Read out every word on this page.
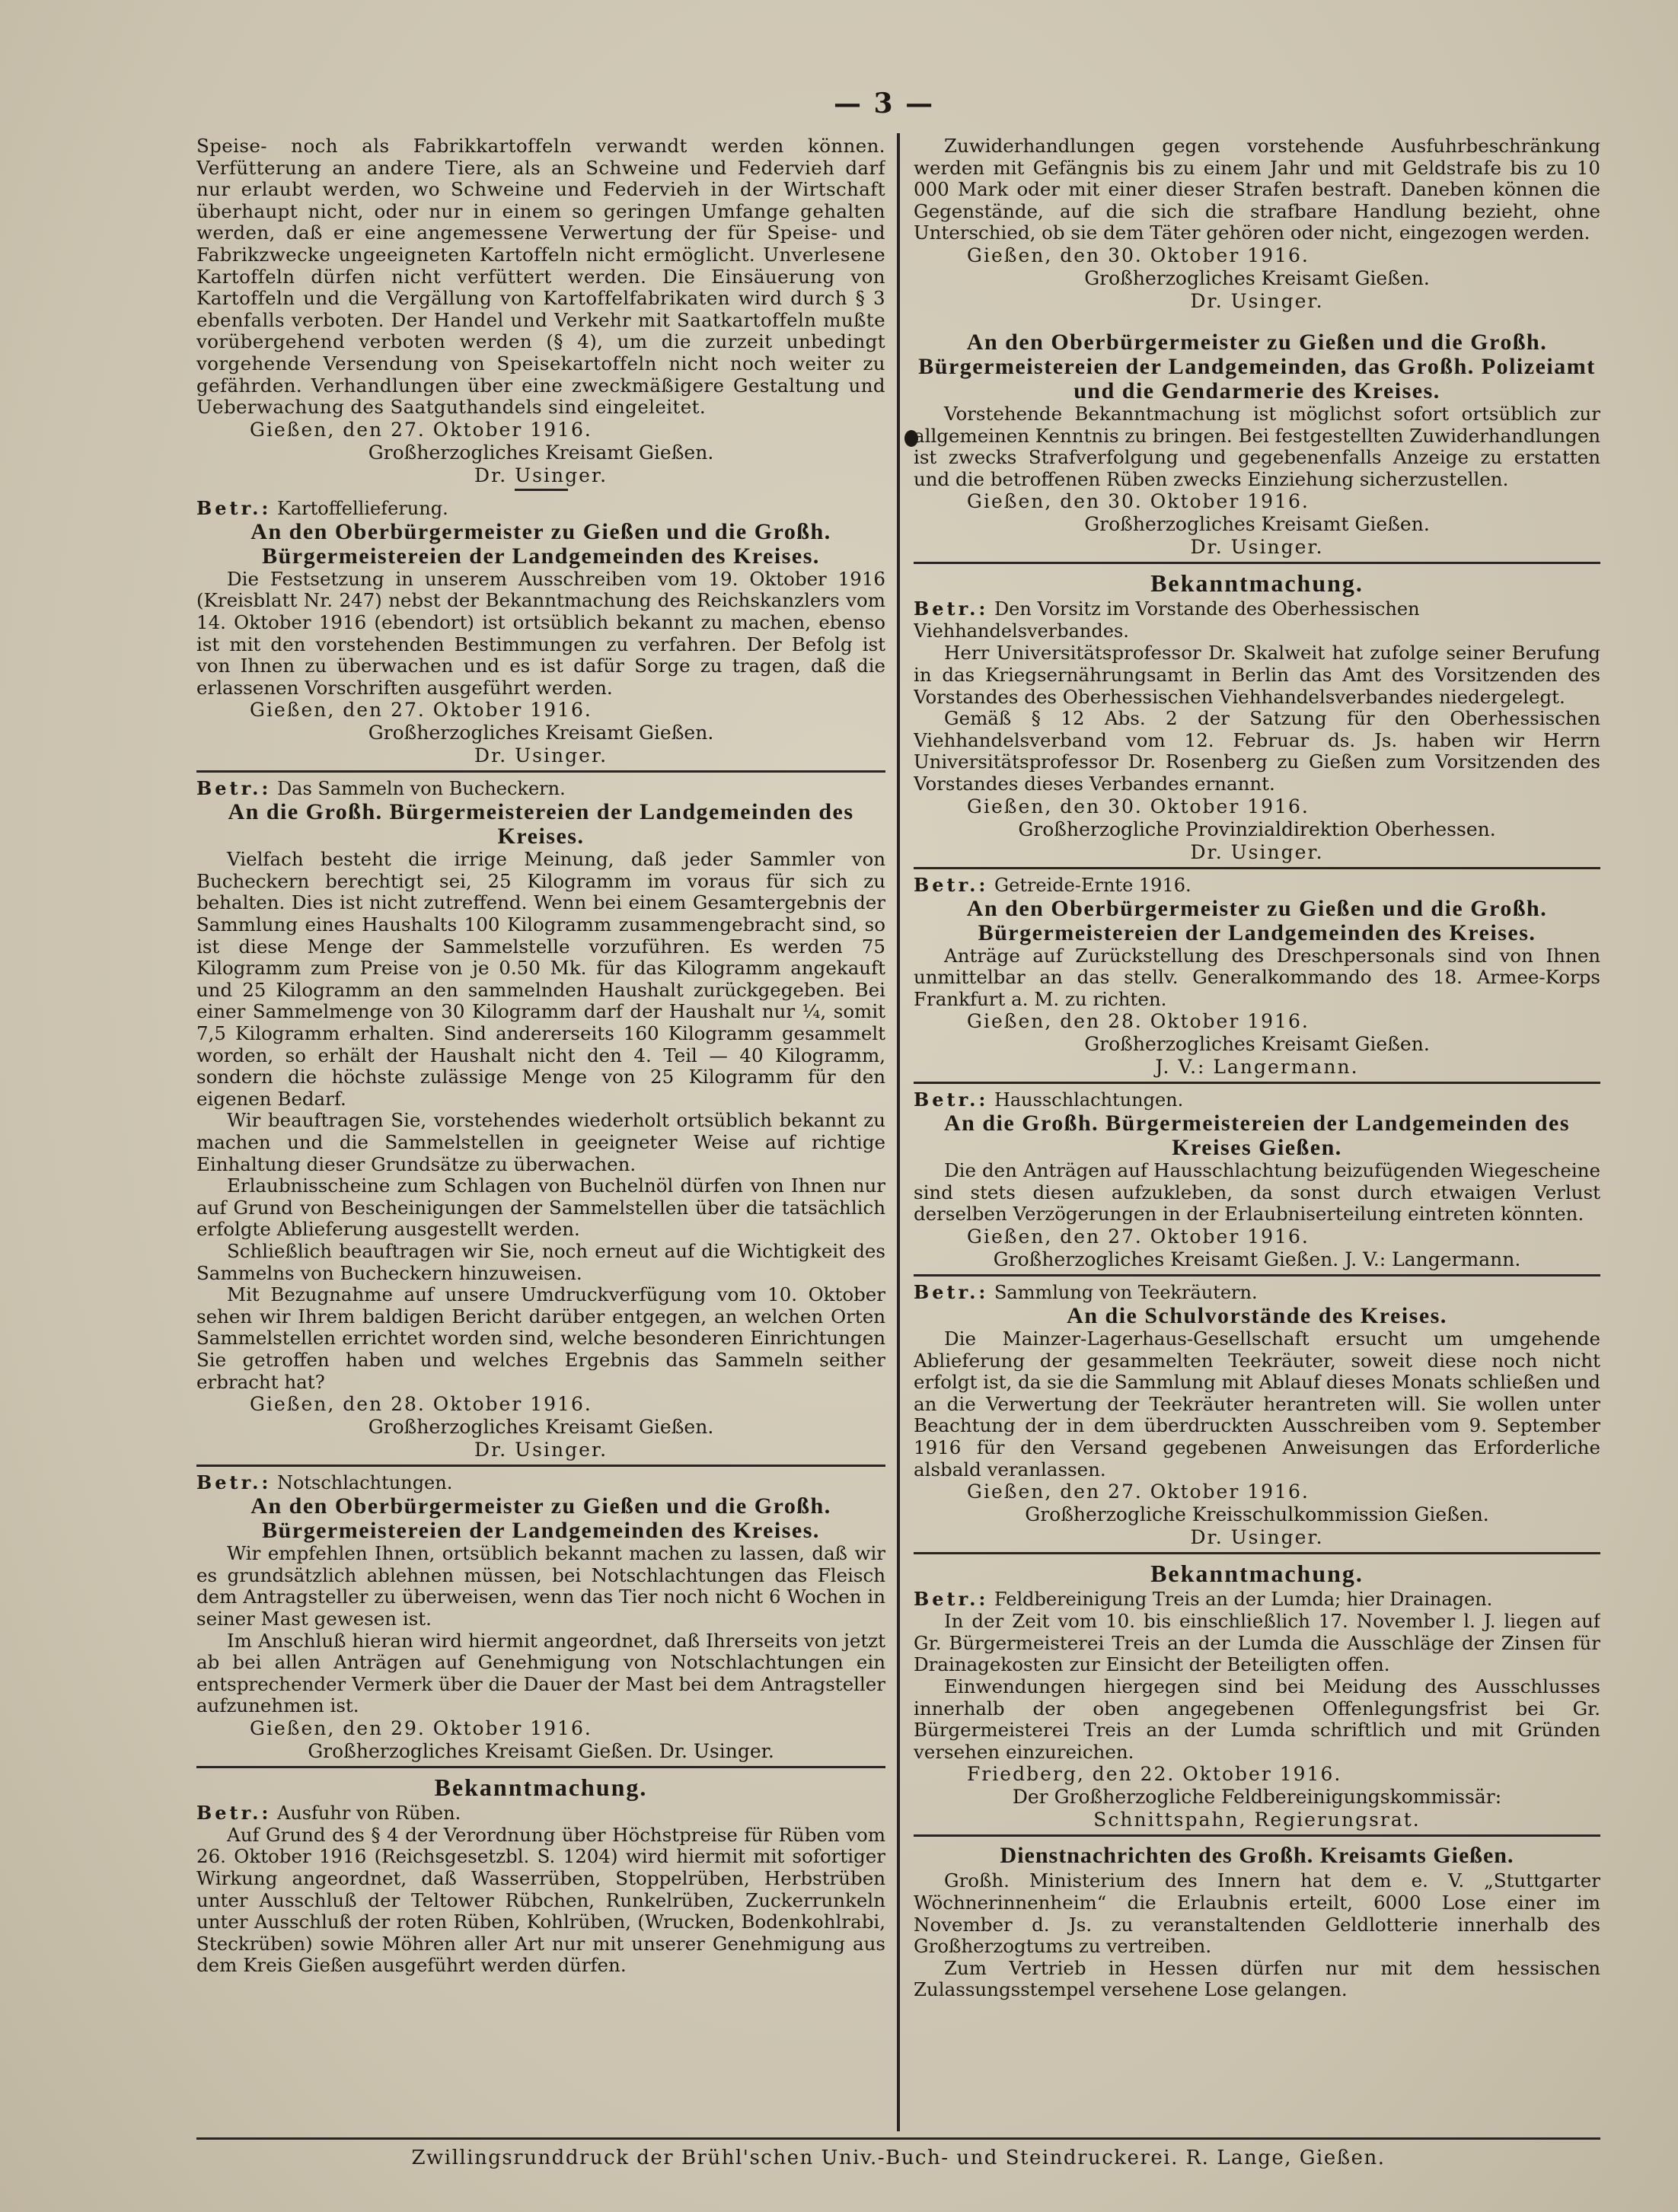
— 3 —

Speise- noch als Fabrikkartoffeln verwandt werden können. Verfütterung an andere Tiere, als an Schweine und Federvieh darf nur erlaubt werden, wo Schweine und Federvieh in der Wirtschaft überhaupt nicht, oder nur in einem so geringen Umfange gehalten werden, daß er eine angemessene Verwertung der für Speise- und Fabrikzwecke ungeeigneten Kartoffeln nicht ermöglicht. Unverlesene Kartoffeln dürfen nicht verfüttert werden. Die Einsäuerung von Kartoffeln und die Vergällung von Kartoffelfabrikaten wird durch § 3 ebenfalls verboten. Der Handel und Verkehr mit Saatkartoffeln mußte vorübergehend verboten werden (§ 4), um die zurzeit unbedingt vorgehende Versendung von Speisekartoffeln nicht noch weiter zu gefährden. Verhandlungen über eine zweckmäßigere Gestaltung und Ueberwachung des Saatguthandels sind eingeleitet.

Gießen, den 27. Oktober 1916.
Großherzogliches Kreisamt Gießen.
Dr. Usinger.
Betr.: Kartoffellieferung.
An den Oberbürgermeister zu Gießen und die Großh. Bürgermeistereien der Landgemeinden des Kreises.

Die Festsetzung in unserem Ausschreiben vom 19. Oktober 1916 (Kreisblatt Nr. 247) nebst der Bekanntmachung des Reichskanzlers vom 14. Oktober 1916 (ebendort) ist ortsüblich bekannt zu machen, ebenso ist mit den vorstehenden Bestimmungen zu verfahren. Der Befolg ist von Ihnen zu überwachen und es ist dafür Sorge zu tragen, daß die erlassenen Vorschriften ausgeführt werden.

Gießen, den 27. Oktober 1916.
Großherzogliches Kreisamt Gießen.
Dr. Usinger.
Betr.: Das Sammeln von Bucheckern.
An die Großh. Bürgermeistereien der Landgemeinden des Kreises.

Vielfach besteht die irrige Meinung, daß jeder Sammler von Bucheckern berechtigt sei, 25 Kilogramm im voraus für sich zu behalten. Dies ist nicht zutreffend. Wenn bei einem Gesamtergebnis der Sammlung eines Haushalts 100 Kilogramm zusammengebracht sind, so ist diese Menge der Sammelstelle vorzuführen. Es werden 75 Kilogramm zum Preise von je 0.50 Mk. für das Kilogramm angekauft und 25 Kilogramm an den sammelnden Haushalt zurückgegeben. Bei einer Sammelmenge von 30 Kilogramm darf der Haushalt nur ¼, somit 7,5 Kilogramm erhalten. Sind andererseits 160 Kilogramm gesammelt worden, so erhält der Haushalt nicht den 4. Teil — 40 Kilogramm, sondern die höchste zulässige Menge von 25 Kilogramm für den eigenen Bedarf.

Wir beauftragen Sie, vorstehendes wiederholt ortsüblich bekannt zu machen und die Sammelstellen in geeigneter Weise auf richtige Einhaltung dieser Grundsätze zu überwachen.

Erlaubnisscheine zum Schlagen von Buchelnöl dürfen von Ihnen nur auf Grund von Bescheinigungen der Sammelstellen über die tatsächlich erfolgte Ablieferung ausgestellt werden.

Schließlich beauftragen wir Sie, noch erneut auf die Wichtigkeit des Sammelns von Bucheckern hinzuweisen.

Mit Bezugnahme auf unsere Umdruckverfügung vom 10. Oktober sehen wir Ihrem baldigen Bericht darüber entgegen, an welchen Orten Sammelstellen errichtet worden sind, welche besonderen Einrichtungen Sie getroffen haben und welches Ergebnis das Sammeln seither erbracht hat?

Gießen, den 28. Oktober 1916.
Großherzogliches Kreisamt Gießen.
Dr. Usinger.
Betr.: Notschlachtungen.
An den Oberbürgermeister zu Gießen und die Großh. Bürgermeistereien der Landgemeinden des Kreises.

Wir empfehlen Ihnen, ortsüblich bekannt machen zu lassen, daß wir es grundsätzlich ablehnen müssen, bei Notschlachtungen das Fleisch dem Antragsteller zu überweisen, wenn das Tier noch nicht 6 Wochen in seiner Mast gewesen ist.

Im Anschluß hieran wird hiermit angeordnet, daß Ihrerseits von jetzt ab bei allen Anträgen auf Genehmigung von Notschlachtungen ein entsprechender Vermerk über die Dauer der Mast bei dem Antragsteller aufzunehmen ist.

Gießen, den 29. Oktober 1916.
Großherzogliches Kreisamt Gießen. Dr. Usinger.
Bekanntmachung.
Betr.: Ausfuhr von Rüben.

Auf Grund des § 4 der Verordnung über Höchstpreise für Rüben vom 26. Oktober 1916 (Reichsgesetzbl. S. 1204) wird hiermit mit sofortiger Wirkung angeordnet, daß Wasserrüben, Stoppelrüben, Herbstrüben unter Ausschluß der Teltower Rübchen, Runkelrüben, Zuckerrunkeln unter Ausschluß der roten Rüben, Kohlrüben, (Wrucken, Bodenkohlrabi, Steckrüben) sowie Möhren aller Art nur mit unserer Genehmigung aus dem Kreis Gießen ausgeführt werden dürfen.

Zuwiderhandlungen gegen vorstehende Ausfuhrbeschränkung werden mit Gefängnis bis zu einem Jahr und mit Geldstrafe bis zu 10 000 Mark oder mit einer dieser Strafen bestraft. Daneben können die Gegenstände, auf die sich die strafbare Handlung bezieht, ohne Unterschied, ob sie dem Täter gehören oder nicht, eingezogen werden.

Gießen, den 30. Oktober 1916.
Großherzogliches Kreisamt Gießen.
Dr. Usinger.
An den Oberbürgermeister zu Gießen und die Großh. Bürgermeistereien der Landgemeinden, das Großh. Polizeiamt und die Gendarmerie des Kreises.

Vorstehende Bekanntmachung ist möglichst sofort ortsüblich zur allgemeinen Kenntnis zu bringen. Bei festgestellten Zuwiderhandlungen ist zwecks Strafverfolgung und gegebenenfalls Anzeige zu erstatten und die betroffenen Rüben zwecks Einziehung sicherzustellen.

Gießen, den 30. Oktober 1916.
Großherzogliches Kreisamt Gießen.
Dr. Usinger.
Bekanntmachung.
Betr.: Den Vorsitz im Vorstande des Oberhessischen Viehhandelsverbandes.

Herr Universitätsprofessor Dr. Skalweit hat zufolge seiner Berufung in das Kriegsernährungsamt in Berlin das Amt des Vorsitzenden des Vorstandes des Oberhessischen Viehhandelsverbandes niedergelegt.

Gemäß § 12 Abs. 2 der Satzung für den Oberhessischen Viehhandelsverband vom 12. Februar ds. Js. haben wir Herrn Universitätsprofessor Dr. Rosenberg zu Gießen zum Vorsitzenden des Vorstandes dieses Verbandes ernannt.

Gießen, den 30. Oktober 1916.
Großherzogliche Provinzialdirektion Oberhessen.
Dr. Usinger.
Betr.: Getreide-Ernte 1916.
An den Oberbürgermeister zu Gießen und die Großh. Bürgermeistereien der Landgemeinden des Kreises.

Anträge auf Zurückstellung des Dreschpersonals sind von Ihnen unmittelbar an das stellv. Generalkommando des 18. Armee-Korps Frankfurt a. M. zu richten.

Gießen, den 28. Oktober 1916.
Großherzogliches Kreisamt Gießen.
J. V.: Langermann.
Betr.: Hausschlachtungen.
An die Großh. Bürgermeistereien der Landgemeinden des Kreises Gießen.

Die den Anträgen auf Hausschlachtung beizufügenden Wiegescheine sind stets diesen aufzukleben, da sonst durch etwaigen Verlust derselben Verzögerungen in der Erlaubniserteilung eintreten könnten.

Gießen, den 27. Oktober 1916.
Großherzogliches Kreisamt Gießen. J. V.: Langermann.
Betr.: Sammlung von Teekräutern.
An die Schulvorstände des Kreises.

Die Mainzer-Lagerhaus-Gesellschaft ersucht um umgehende Ablieferung der gesammelten Teekräuter, soweit diese noch nicht erfolgt ist, da sie die Sammlung mit Ablauf dieses Monats schließen und an die Verwertung der Teekräuter herantreten will. Sie wollen unter Beachtung der in dem überdruckten Ausschreiben vom 9. September 1916 für den Versand gegebenen Anweisungen das Erforderliche alsbald veranlassen.

Gießen, den 27. Oktober 1916.
Großherzogliche Kreisschulkommission Gießen.
Dr. Usinger.
Bekanntmachung.
Betr.: Feldbereinigung Treis an der Lumda; hier Drainagen.

In der Zeit vom 10. bis einschließlich 17. November l. J. liegen auf Gr. Bürgermeisterei Treis an der Lumda die Ausschläge der Zinsen für Drainagekosten zur Einsicht der Beteiligten offen.

Einwendungen hiergegen sind bei Meidung des Ausschlusses innerhalb der oben angegebenen Offenlegungsfrist bei Gr. Bürgermeisterei Treis an der Lumda schriftlich und mit Gründen versehen einzureichen.

Friedberg, den 22. Oktober 1916.
Der Großherzogliche Feldbereinigungskommissär:
Schnittspahn, Regierungsrat.
Dienstnachrichten des Großh. Kreisamts Gießen.

Großh. Ministerium des Innern hat dem e. V. „Stuttgarter Wöchnerinnenheim“ die Erlaubnis erteilt, 6000 Lose einer im November d. Js. zu veranstaltenden Geldlotterie innerhalb des Großherzogtums zu vertreiben.

Zum Vertrieb in Hessen dürfen nur mit dem hessischen Zulassungsstempel versehene Lose gelangen.

Zwillingsrunddruck der Brühl'schen Univ.-Buch- und Steindruckerei. R. Lange, Gießen.
